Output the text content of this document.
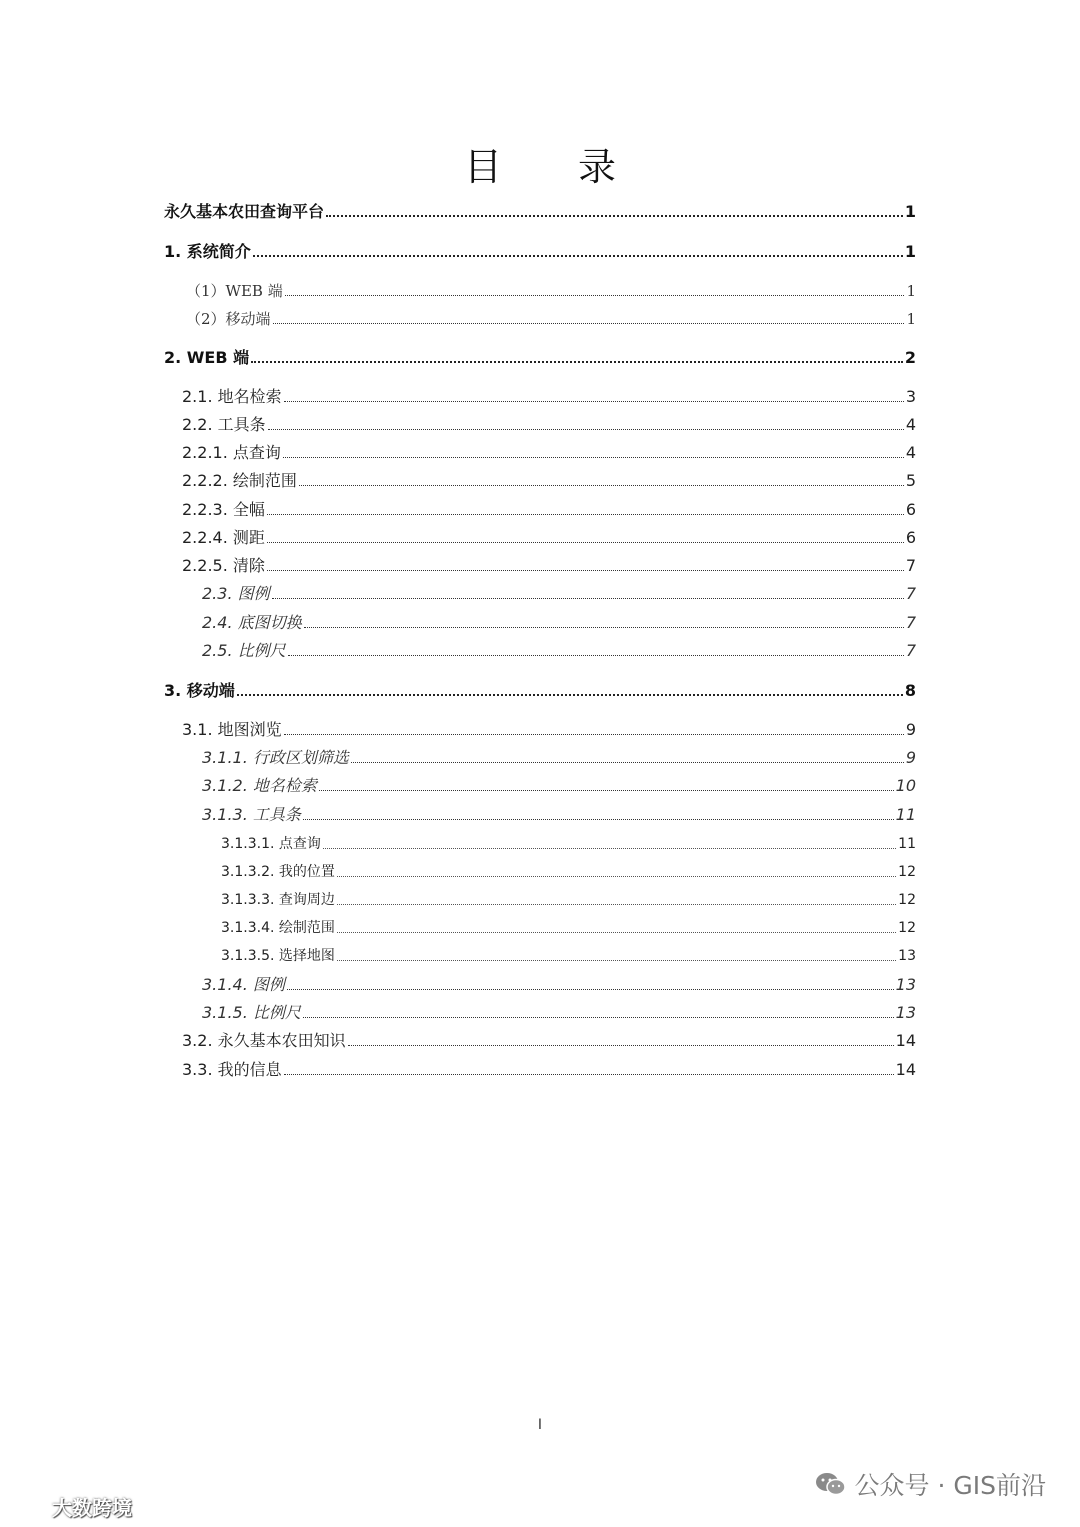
目 录
永久基本农田查询平台	1
1. 系统简介	1
（1）WEB 端	1
（2）移动端	1
2. WEB 端	2
2.1. 地名检索	3
2.2. 工具条	4
2.2.1. 点查询	4
2.2.2. 绘制范围	5
2.2.3. 全幅	6
2.2.4. 测距	6
2.2.5. 清除	7
2.3. 图例	7
2.4. 底图切换	7
2.5. 比例尺	7
3. 移动端	8
3.1. 地图浏览	9
3.1.1. 行政区划筛选	9
3.1.2. 地名检索	10
3.1.3. 工具条	11
3.1.3.1. 点查询	11
3.1.3.2. 我的位置	12
3.1.3.3. 查询周边	12
3.1.3.4. 绘制范围	12
3.1.3.5. 选择地图	13
3.1.4. 图例	13
3.1.5. 比例尺	13
3.2. 永久基本农田知识	14
3.3. 我的信息	14
I
公众号 · GIS前沿
大数跨境
